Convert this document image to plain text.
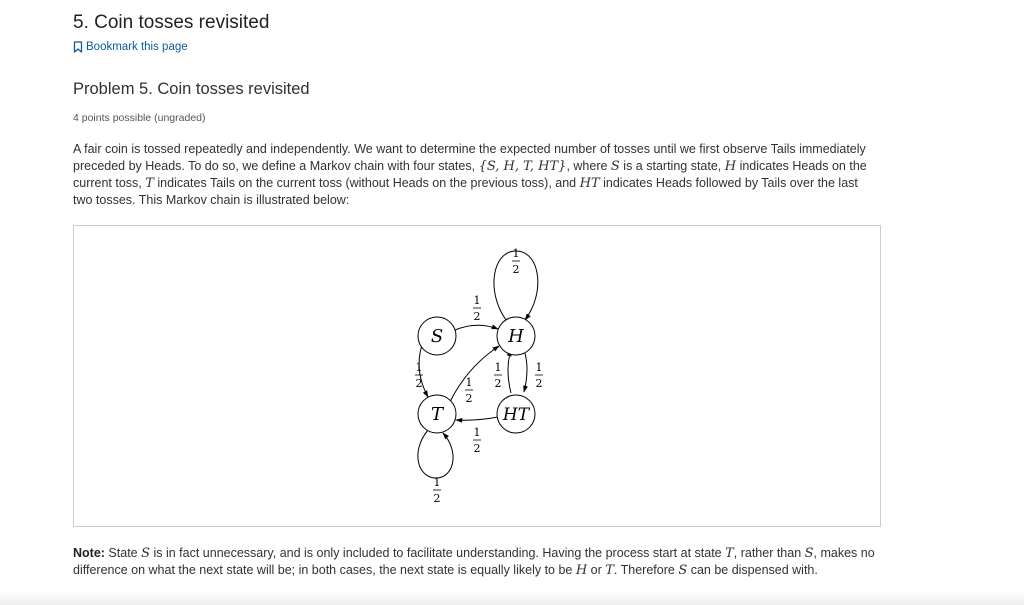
5. Coin tosses revisited
Bookmark this page
Problem 5. Coin tosses revisited
4 points possible (ungraded)

A fair coin is tossed repeatedly and independently. We want to determine the expected number of tosses until we first observe Tails immediately preceded by Heads. To do so, we define a Markov chain with four states, {S, H, T, HT}, where S is a starting state, H indicates Heads on the current toss, T indicates Tails on the current toss (without Heads on the previous toss), and HT indicates Heads followed by Tails over the last two tosses. This Markov chain is illustrated below:

S	H
T	HT
1
2
1
2
1
2	1
2
1
2
1
2
1
2
1
2

Note: State S is in fact unnecessary, and is only included to facilitate understanding. Having the process start at state T, rather than S, makes no difference on what the next state will be; in both cases, the next state is equally likely to be H or T. Therefore S can be dispensed with.
